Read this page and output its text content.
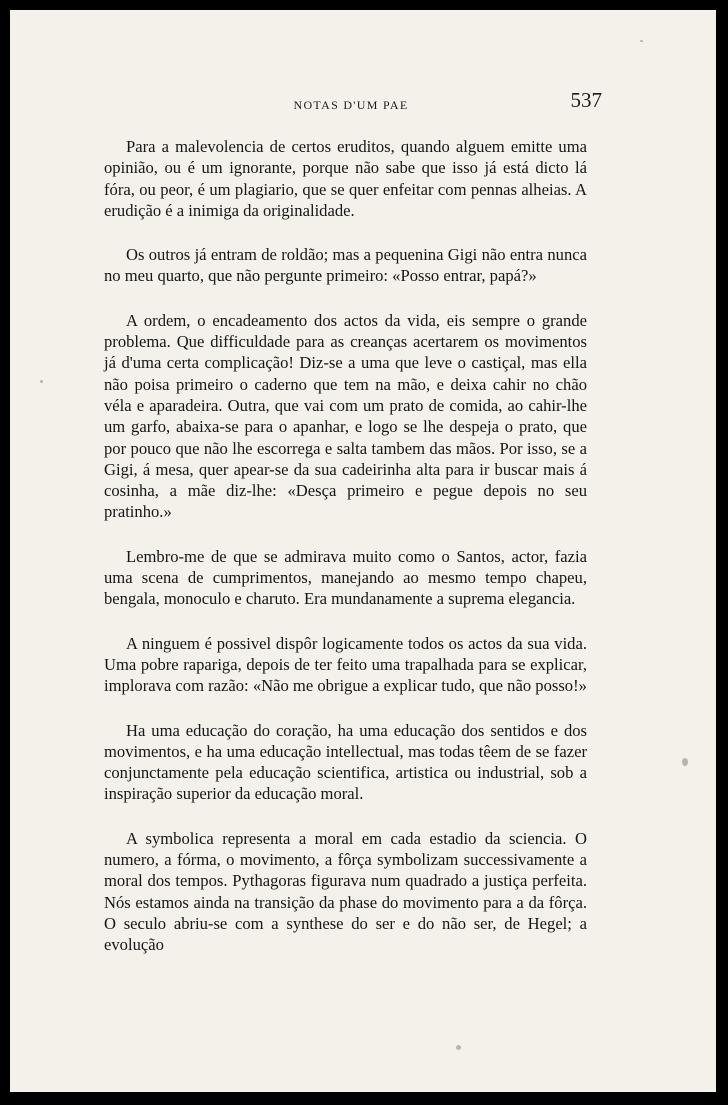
NOTAS D'UM PAE	537

Para a malevolencia de certos eruditos, quando alguem emitte uma opinião, ou é um ignorante, porque não sabe que isso já está dicto lá fóra, ou peor, é um plagiario, que se quer enfeitar com pennas alheias. A erudição é a inimiga da originalidade.

Os outros já entram de roldão; mas a pequenina Gigi não entra nunca no meu quarto, que não pergunte primeiro: «Posso entrar, papá?»

A ordem, o encadeamento dos actos da vida, eis sempre o grande problema. Que difficuldade para as creanças acertarem os movimentos já d'uma certa complicação! Diz-se a uma que leve o castiçal, mas ella não poisa primeiro o caderno que tem na mão, e deixa cahir no chão véla e aparadeira. Outra, que vai com um prato de comida, ao cahir-lhe um garfo, abaixa-se para o apanhar, e logo se lhe despeja o prato, que por pouco que não lhe escorrega e salta tambem das mãos. Por isso, se a Gigi, á mesa, quer apear-se da sua cadeirinha alta para ir buscar mais á cosinha, a mãe diz-lhe: «Desça primeiro e pegue depois no seu pratinho.»

Lembro-me de que se admirava muito como o Santos, actor, fazia uma scena de cumprimentos, manejando ao mesmo tempo chapeu, bengala, monoculo e charuto. Era mundanamente a suprema elegancia.

A ninguem é possivel dispôr logicamente todos os actos da sua vida. Uma pobre rapariga, depois de ter feito uma trapalhada para se explicar, implorava com razão: «Não me obrigue a explicar tudo, que não posso!»

Ha uma educação do coração, ha uma educação dos sentidos e dos movimentos, e ha uma educação intellectual, mas todas têem de se fazer conjunctamente pela educação scientifica, artistica ou industrial, sob a inspiração superior da educação moral.

A symbolica representa a moral em cada estadio da sciencia. O numero, a fórma, o movimento, a fôrça symbolizam successivamente a moral dos tempos. Pythagoras figurava num quadrado a justiça perfeita. Nós estamos ainda na transição da phase do movimento para a da fôrça. O seculo abriu-se com a synthese do ser e do não ser, de Hegel; a evolução
